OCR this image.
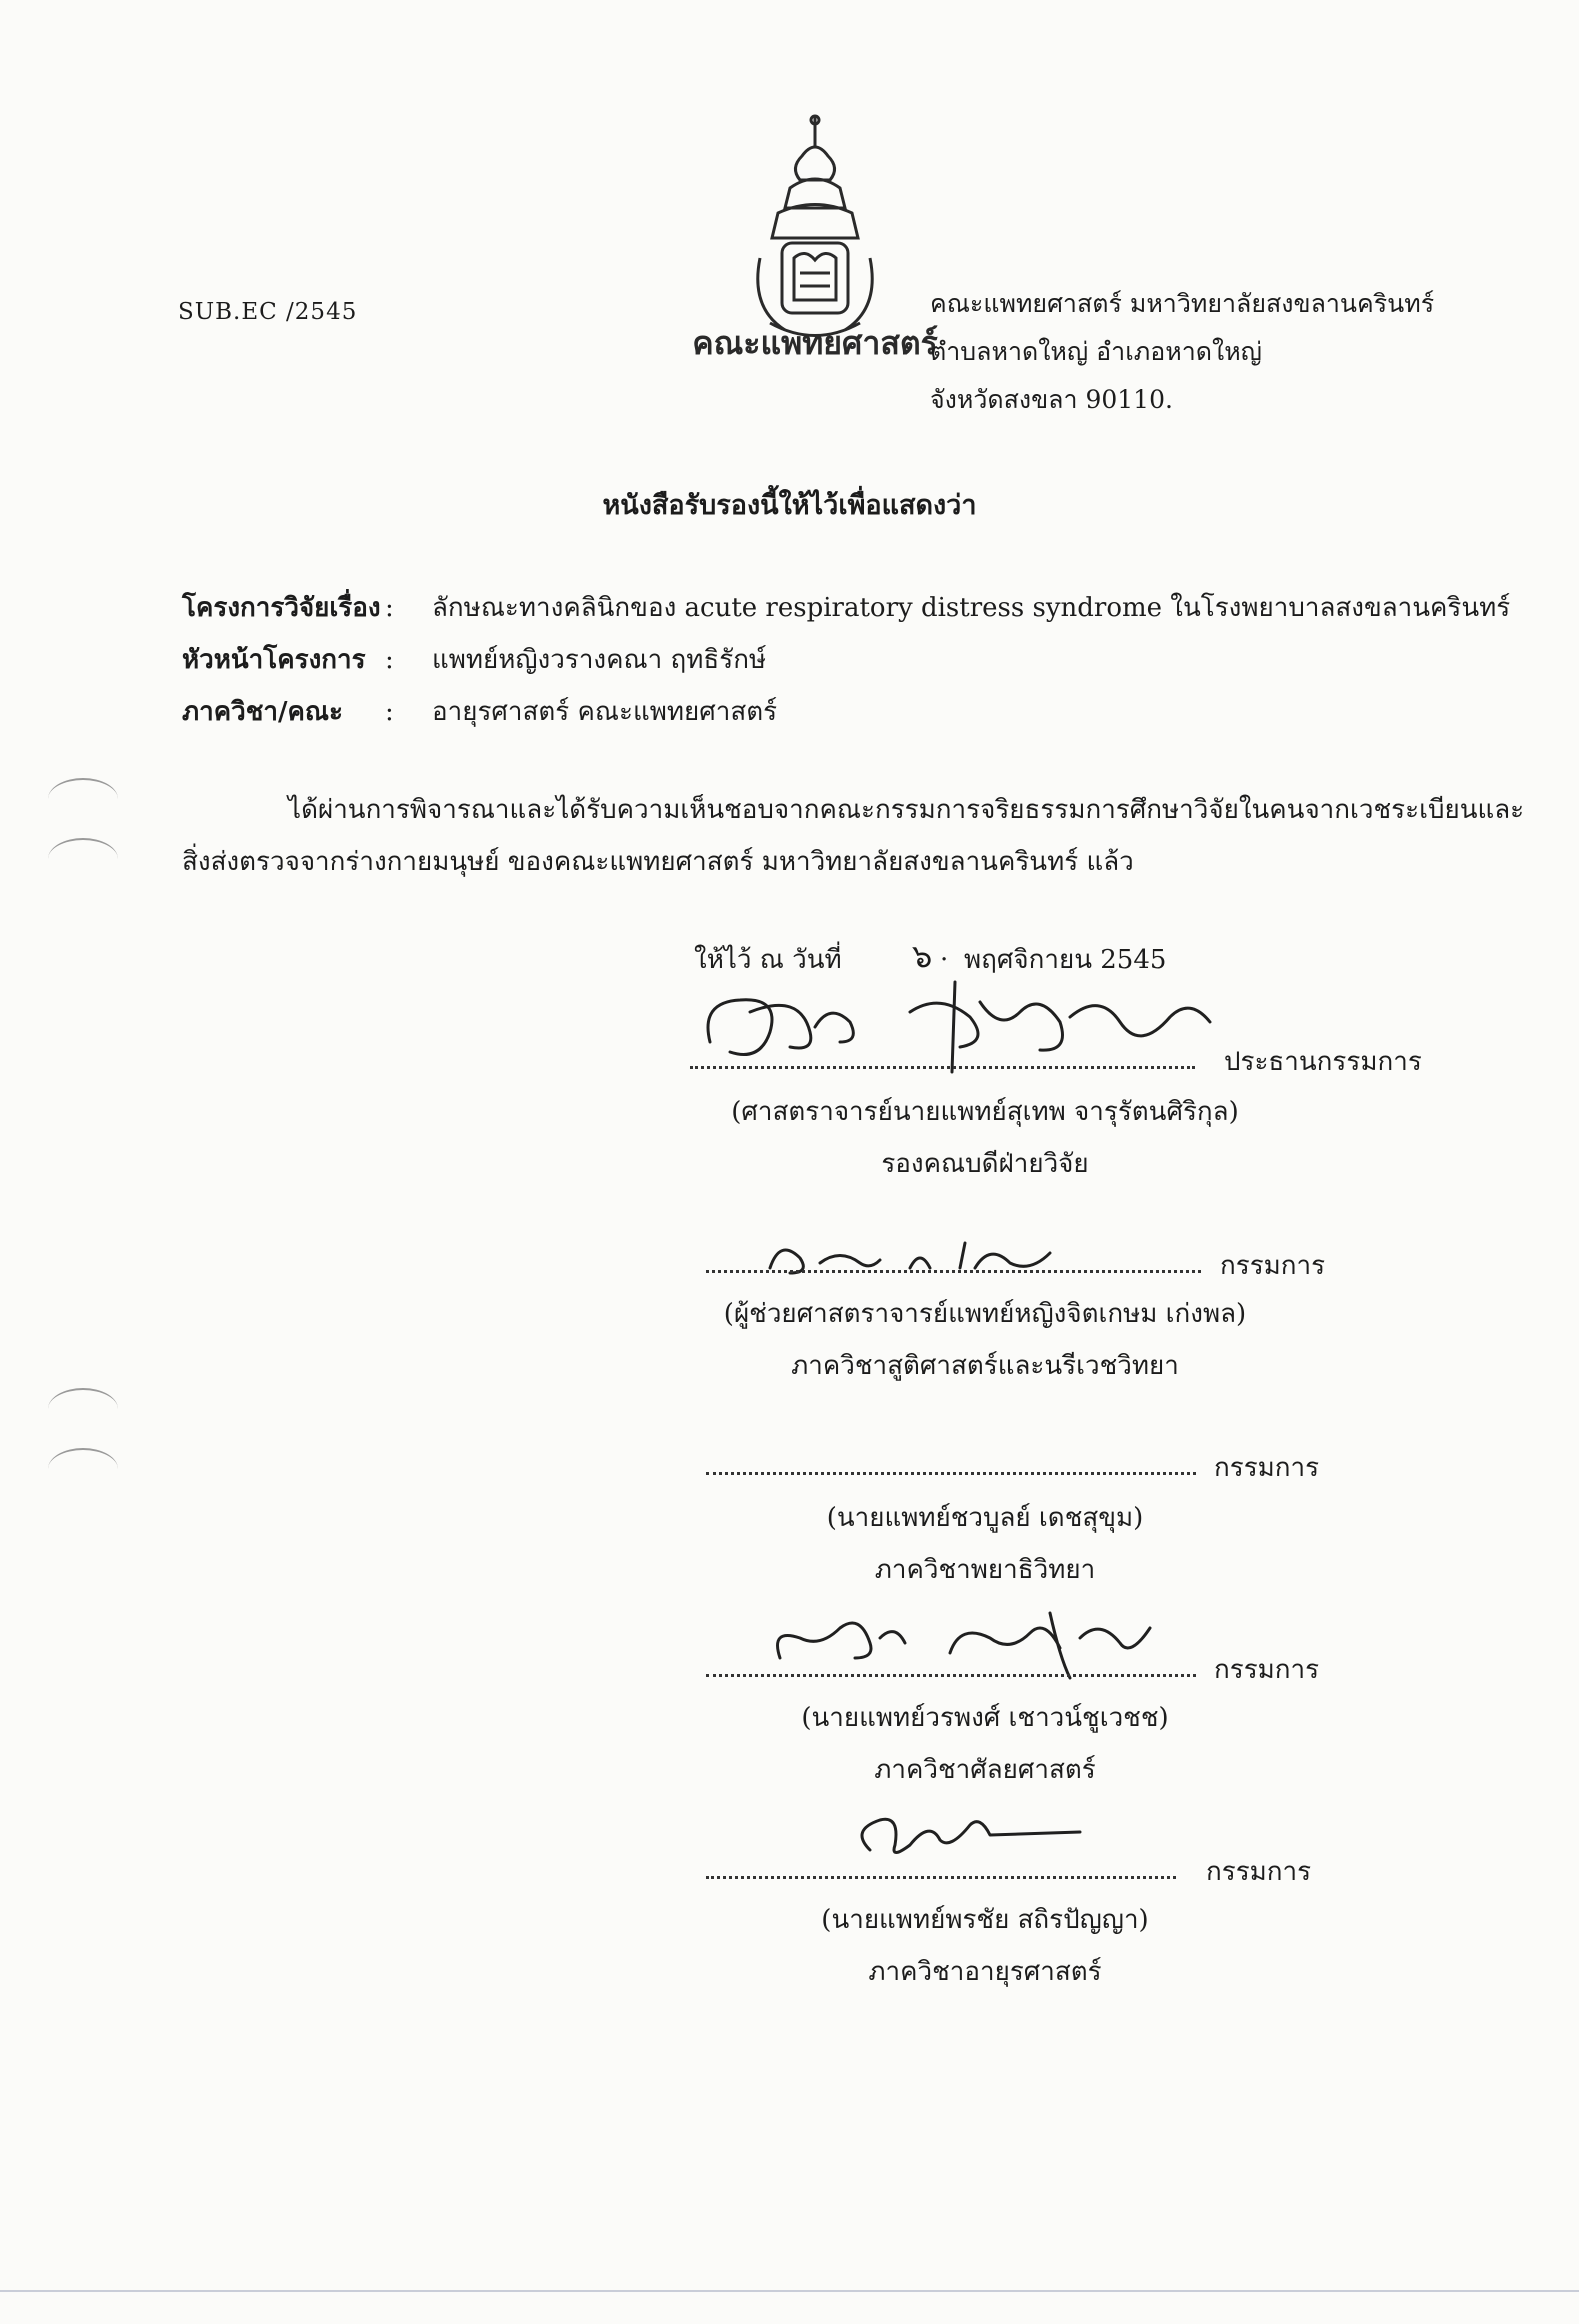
SUB.EC /2545
คณะแพทยศาสตร์
คณะแพทยศาสตร์ มหาวิทยาลัยสงขลานครินทร์
ตำบลหาดใหญ่ อำเภอหาดใหญ่
จังหวัดสงขลา 90110.
หนังสือรับรองนี้ให้ไว้เพื่อแสดงว่า
โครงการวิจัยเรื่อง : ลักษณะทางคลินิกของ acute respiratory distress syndrome ในโรงพยาบาลสงขลานครินทร์
หัวหน้าโครงการ : แพทย์หญิงวรางคณา ฤทธิรักษ์
ภาควิชา/คณะ : อายุรศาสตร์ คณะแพทยศาสตร์
ได้ผ่านการพิจารณาและได้รับความเห็นชอบจากคณะกรรมการจริยธรรมการศึกษาวิจัยในคนจากเวชระเบียนและ
สิ่งส่งตรวจจากร่างกายมนุษย์ ของคณะแพทยศาสตร์ มหาวิทยาลัยสงขลานครินทร์ แล้ว
ให้ไว้ ณ วันที่ ๖ · พฤศจิกายน 2545
ประธานกรรมการ
(ศาสตราจารย์นายแพทย์สุเทพ จารุรัตนศิริกุล)
รองคณบดีฝ่ายวิจัย
กรรมการ
(ผู้ช่วยศาสตราจารย์แพทย์หญิงจิตเกษม เก่งพล)
ภาควิชาสูติศาสตร์และนรีเวชวิทยา
กรรมการ
(นายแพทย์ชวบูลย์ เดชสุขุม)
ภาควิชาพยาธิวิทยา
กรรมการ
(นายแพทย์วรพงศ์ เชาวน์ชูเวชช)
ภาควิชาศัลยศาสตร์
กรรมการ
(นายแพทย์พรชัย สถิรปัญญา)
ภาควิชาอายุรศาสตร์
